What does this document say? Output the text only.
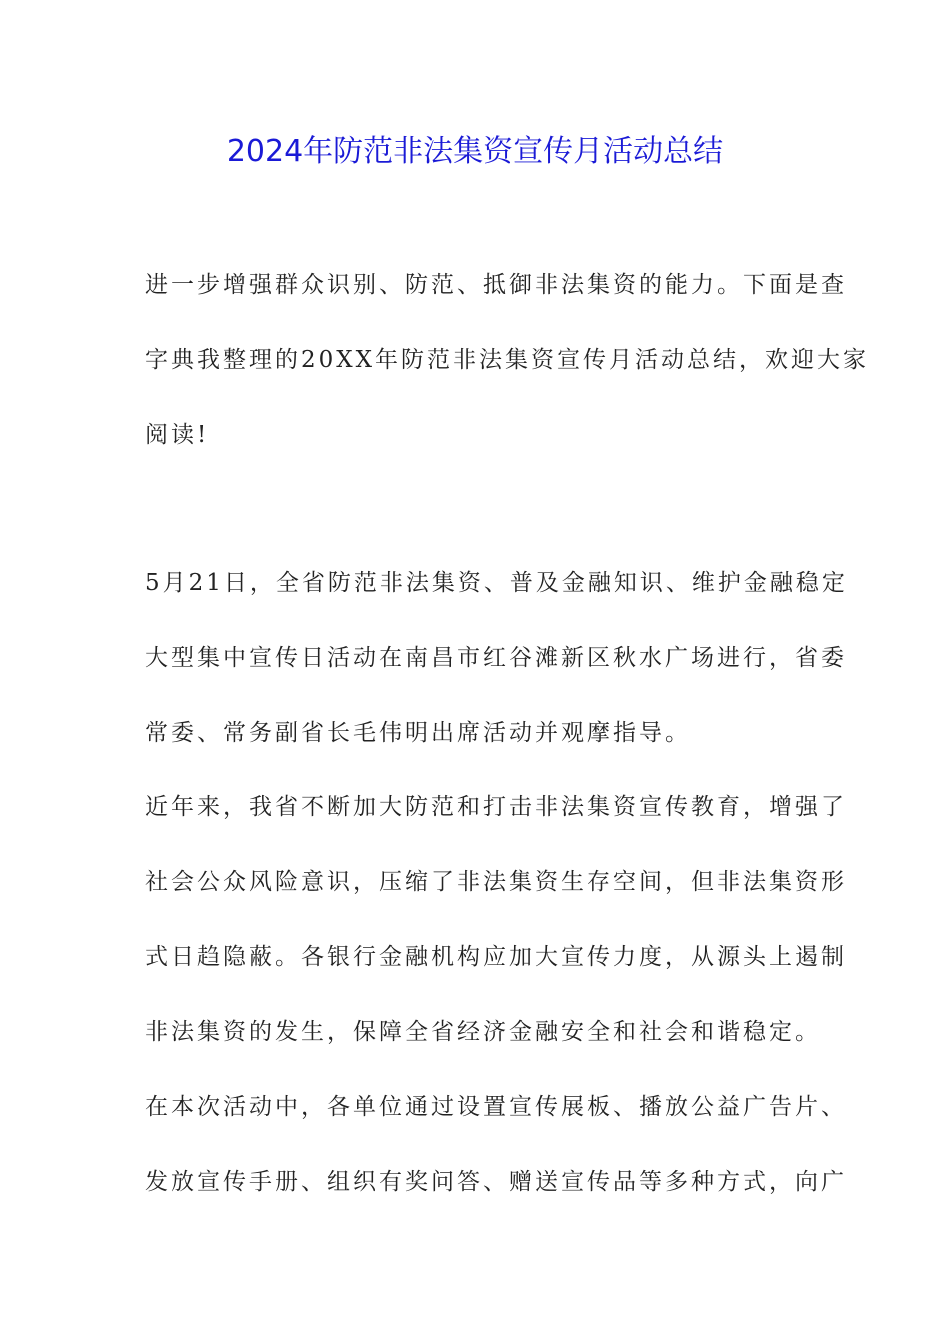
2024年防范非法集资宣传月活动总结

进一步增强群众识别、防范、抵御非法集资的能力。下面是查
字典我整理的20XX年防范非法集资宣传月活动总结，欢迎大家
阅读!

5月21日，全省防范非法集资、普及金融知识、维护金融稳定
大型集中宣传日活动在南昌市红谷滩新区秋水广场进行，省委
常委、常务副省长毛伟明出席活动并观摩指导。

近年来，我省不断加大防范和打击非法集资宣传教育，增强了
社会公众风险意识，压缩了非法集资生存空间，但非法集资形
式日趋隐蔽。各银行金融机构应加大宣传力度，从源头上遏制
非法集资的发生，保障全省经济金融安全和社会和谐稳定。

在本次活动中，各单位通过设置宣传展板、播放公益广告片、
发放宣传手册、组织有奖问答、赠送宣传品等多种方式，向广
